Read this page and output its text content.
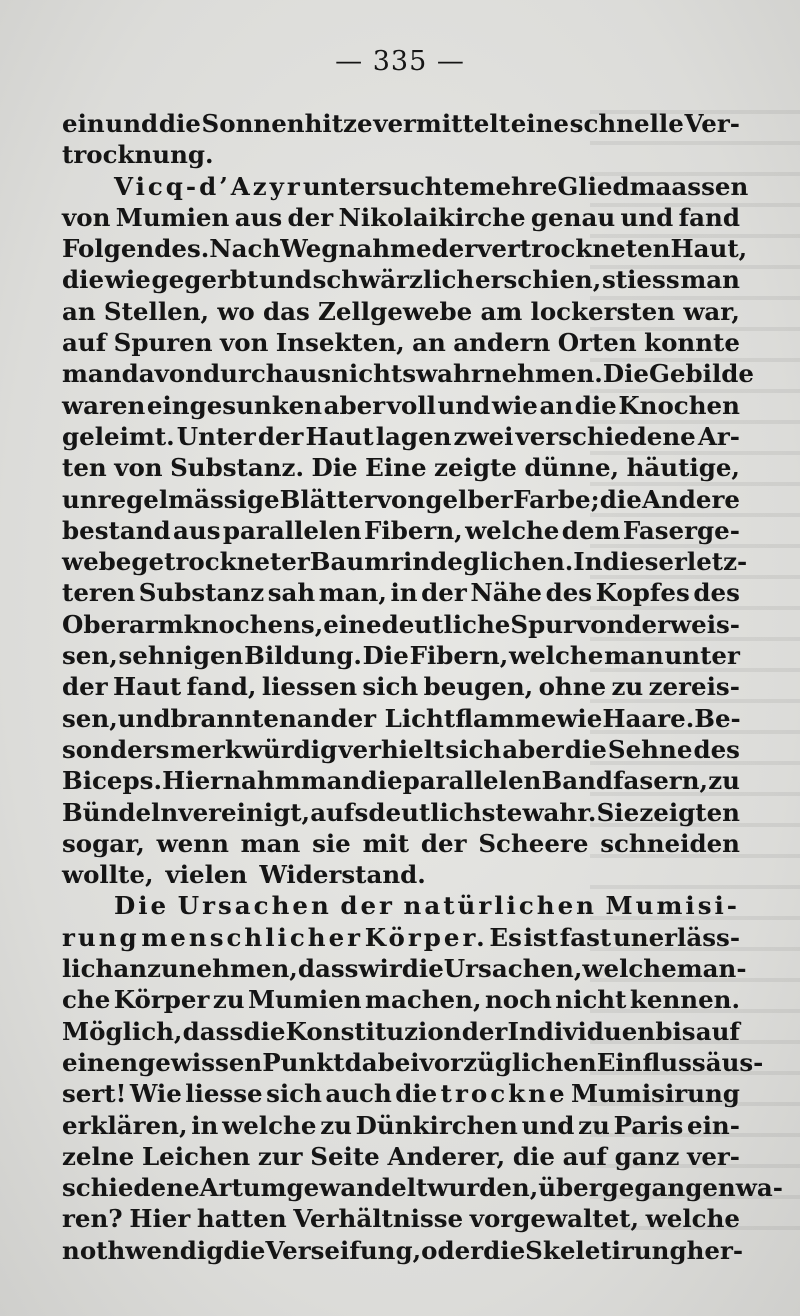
— 335 —
ein und die Sonnenhitze vermittelt eine schnelle Ver-
trocknung.
Vicq-d’Azyr untersuchte mehre Gliedmaassen
von Mumien aus der Nikolaikirche genau und fand
Folgendes. Nach Wegnahme der vertrockneten Haut,
die wie gegerbt und schwärzlich erschien, stiess man
an Stellen, wo das Zellgewebe am lockersten war,
auf Spuren von Insekten, an andern Orten konnte
man davon durchaus nichts wahrnehmen. Die Gebilde
waren eingesunken aber voll und wie an die Knochen
geleimt. Unter der Haut lagen zwei verschiedene Ar-
ten von Substanz. Die Eine zeigte dünne, häutige,
unregelmässige Blätter von gelber Farbe; die Andere
bestand aus parallelen Fibern, welche dem Faserge-
webe getrockneter Baumrinde glichen. In dieser letz-
teren Substanz sah man, in der Nähe des Kopfes des
Oberarmknochens, eine deutliche Spur von der weis-
sen, sehnigen Bildung. Die Fibern, welche man unter
der Haut fand, liessen sich beugen, ohne zu zereis-
sen, und brannten an der Lichtflamme wie Haare. Be-
sonders merkwürdig verhielt sich aber die Sehne des
Biceps. Hier nahm man die parallelen Bandfasern, zu
Bündeln vereinigt, aufs deutlichste wahr. Sie zeigten
sogar, wenn man sie mit der Scheere schneiden
wollte, vielen Widerstand.
Die Ursachen der natürlichen Mumisi-
rung menschlicher Körper. Es ist fast unerläss-
lich anzunehmen, dass wir die Ursachen, welche man-
che Körper zu Mumien machen, noch nicht kennen.
Möglich, dass die Konstituzion der Individuen bis auf
einen gewissen Punkt dabei vorzüglichen Einfluss äus-
sert! Wie liesse sich auch die trockne Mumisirung
erklären, in welche zu Dünkirchen und zu Paris ein-
zelne Leichen zur Seite Anderer, die auf ganz ver-
schiedene Art umgewandelt wurden, übergegangen wa-
ren? Hier hatten Verhältnisse vorgewaltet, welche
nothwendig die Verseifung, oder die Skeletirung her-
